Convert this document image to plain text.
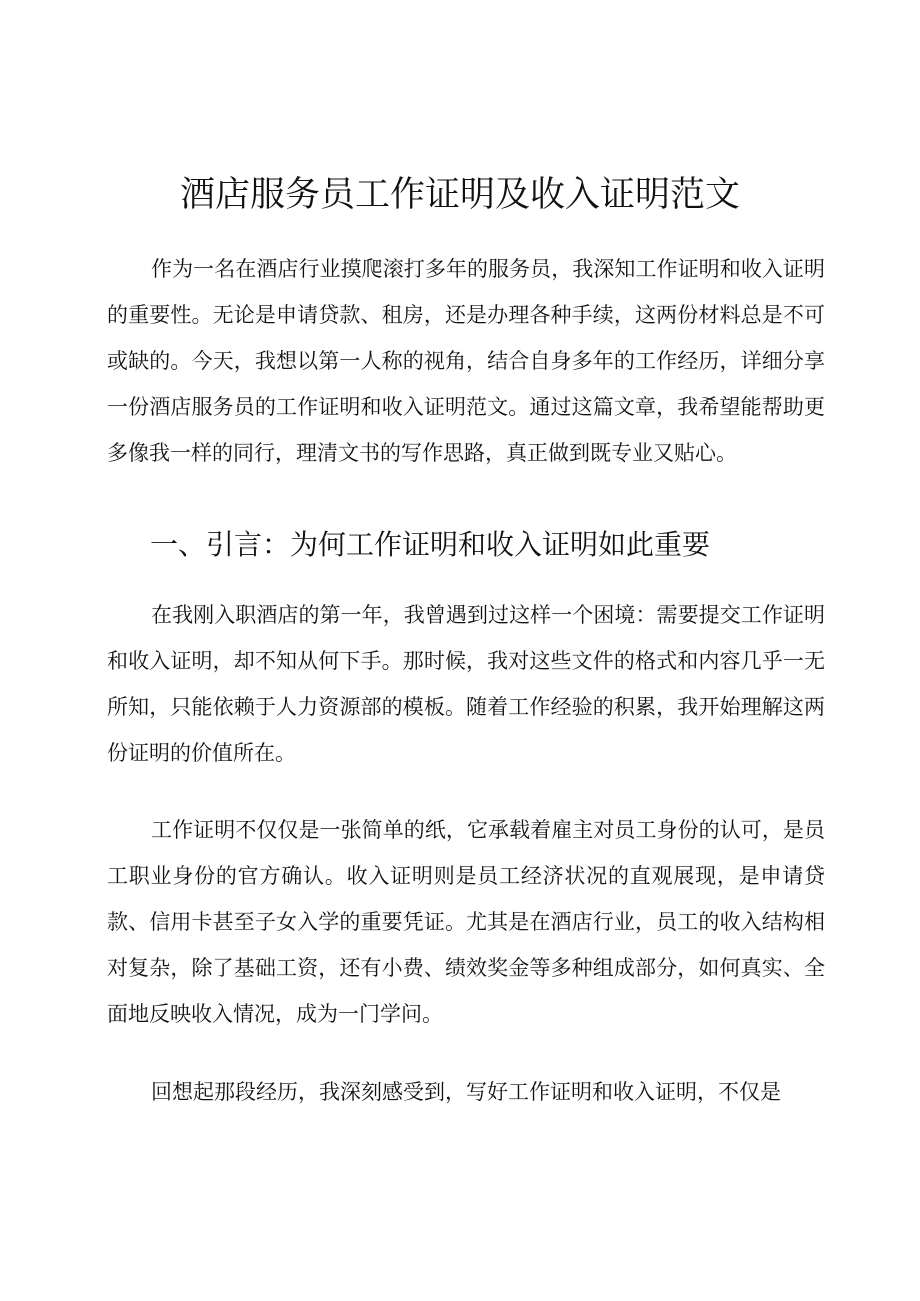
酒店服务员工作证明及收入证明范文

作为一名在酒店行业摸爬滚打多年的服务员，我深知工作证明和收入证明的重要性。无论是申请贷款、租房，还是办理各种手续，这两份材料总是不可或缺的。今天，我想以第一人称的视角，结合自身多年的工作经历，详细分享一份酒店服务员的工作证明和收入证明范文。通过这篇文章，我希望能帮助更多像我一样的同行，理清文书的写作思路，真正做到既专业又贴心。

一、引言：为何工作证明和收入证明如此重要

在我刚入职酒店的第一年，我曾遇到过这样一个困境：需要提交工作证明和收入证明，却不知从何下手。那时候，我对这些文件的格式和内容几乎一无所知，只能依赖于人力资源部的模板。随着工作经验的积累，我开始理解这两份证明的价值所在。

工作证明不仅仅是一张简单的纸，它承载着雇主对员工身份的认可，是员工职业身份的官方确认。收入证明则是员工经济状况的直观展现，是申请贷款、信用卡甚至子女入学的重要凭证。尤其是在酒店行业，员工的收入结构相对复杂，除了基础工资，还有小费、绩效奖金等多种组成部分，如何真实、全面地反映收入情况，成为一门学问。

回想起那段经历，我深刻感受到，写好工作证明和收入证明，不仅是
